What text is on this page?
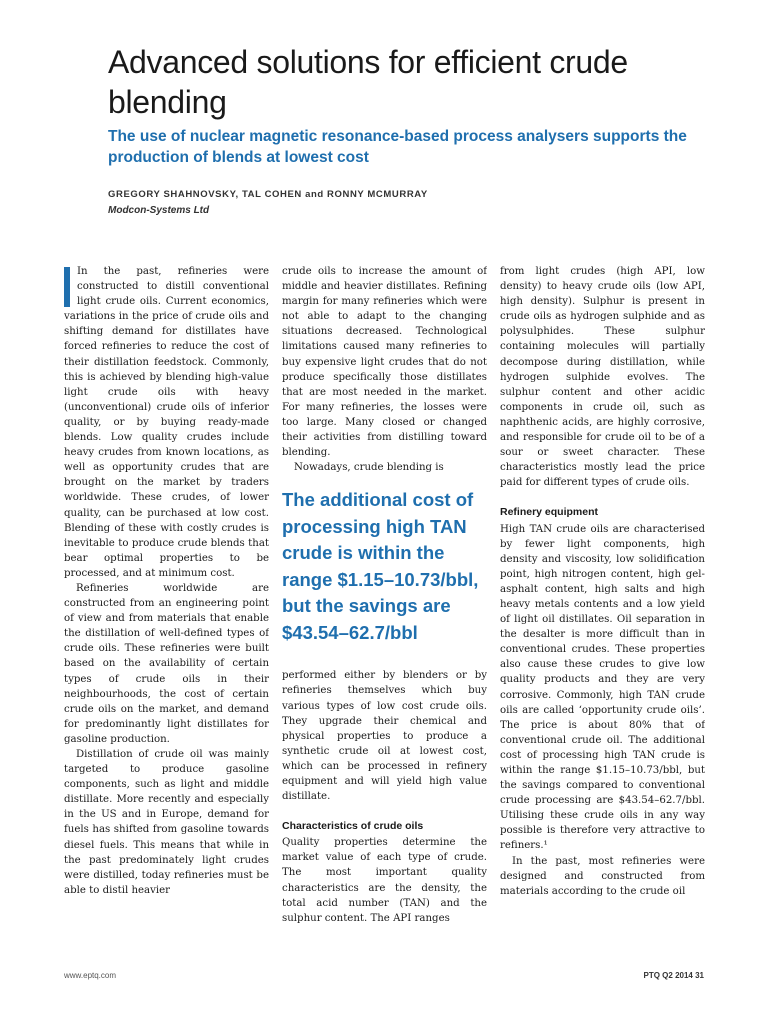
Advanced solutions for efficient crude blending
The use of nuclear magnetic resonance-based process analysers supports the production of blends at lowest cost
GREGORY SHAHNOVSKY, TAL COHEN and RONNY MCMURRAY
Modcon-Systems Ltd

In the past, refineries were constructed to distill conventional light crude oils. Current economics, variations in the price of crude oils and shifting demand for distillates have forced refineries to reduce the cost of their distillation feedstock. Commonly, this is achieved by blending high-value light crude oils with heavy (unconventional) crude oils of inferior quality, or by buying ready-made blends. Low quality crudes include heavy crudes from known locations, as well as opportunity crudes that are brought on the market by traders worldwide. These crudes, of lower quality, can be purchased at low cost. Blending of these with costly crudes is inevitable to produce crude blends that bear optimal properties to be processed, and at minimum cost.

Refineries worldwide are constructed from an engineering point of view and from materials that enable the distillation of well-defined types of crude oils. These refineries were built based on the availability of certain types of crude oils in their neighbourhoods, the cost of certain crude oils on the market, and demand for predominantly light distillates for gasoline production.

Distillation of crude oil was mainly targeted to produce gasoline components, such as light and middle distillate. More recently and especially in the US and in Europe, demand for fuels has shifted from gasoline towards diesel fuels. This means that while in the past predominately light crudes were distilled, today refineries must be able to distil heavier

crude oils to increase the amount of middle and heavier distillates. Refining margin for many refineries which were not able to adapt to the changing situations decreased. Technological limitations caused many refineries to buy expensive light crudes that do not produce specifically those distillates that are most needed in the market. For many refineries, the losses were too large. Many closed or changed their activities from distilling toward blending.

Nowadays, crude blending is

The additional cost of processing high TAN crude is within the range $1.15–10.73/bbl, but the savings are $43.54–62.7/bbl

performed either by blenders or by refineries themselves which buy various types of low cost crude oils. They upgrade their chemical and physical properties to produce a synthetic crude oil at lowest cost, which can be processed in refinery equipment and will yield high value distillate.

Characteristics of crude oils

Quality properties determine the market value of each type of crude. The most important quality characteristics are the density, the total acid number (TAN) and the sulphur content. The API ranges

from light crudes (high API, low density) to heavy crude oils (low API, high density). Sulphur is present in crude oils as hydrogen sulphide and as polysulphides. These sulphur containing molecules will partially decompose during distillation, while hydrogen sulphide evolves. The sulphur content and other acidic components in crude oil, such as naphthenic acids, are highly corrosive, and responsible for crude oil to be of a sour or sweet character. These characteristics mostly lead the price paid for different types of crude oils.

Refinery equipment

High TAN crude oils are characterised by fewer light components, high density and viscosity, low solidification point, high nitrogen content, high gel-asphalt content, high salts and high heavy metals contents and a low yield of light oil distillates. Oil separation in the desalter is more difficult than in conventional crudes. These properties also cause these crudes to give low quality products and they are very corrosive. Commonly, high TAN crude oils are called ‘opportunity crude oils’. The price is about 80% that of conventional crude oil. The additional cost of processing high TAN crude is within the range $1.15–10.73/bbl, but the savings compared to conventional crude processing are $43.54–62.7/bbl. Utilising these crude oils in any way possible is therefore very attractive to refiners.¹

In the past, most refineries were designed and constructed from materials according to the crude oil

www.eptq.com	PTQ Q2 2014 31
